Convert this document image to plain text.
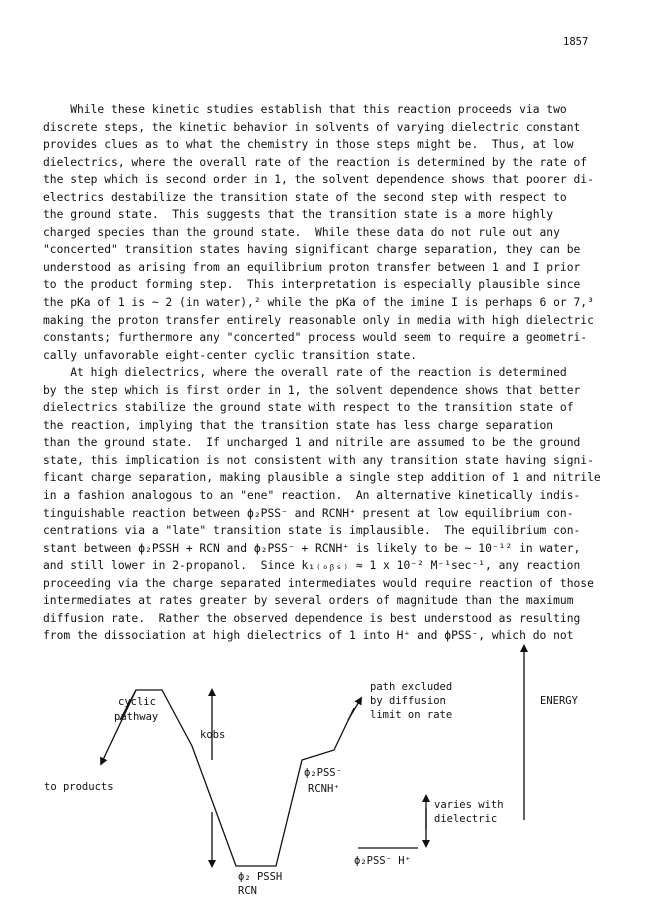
1857
While these kinetic studies establish that this reaction proceeds via two
discrete steps, the kinetic behavior in solvents of varying dielectric constant
provides clues as to what the chemistry in those steps might be.  Thus, at low
dielectrics, where the overall rate of the reaction is determined by the rate of
the step which is second order in 1, the solvent dependence shows that poorer di-
electrics destabilize the transition state of the second step with respect to
the ground state.  This suggests that the transition state is a more highly
charged species than the ground state.  While these data do not rule out any
"concerted" transition states having significant charge separation, they can be
understood as arising from an equilibrium proton transfer between 1 and I prior
to the product forming step.  This interpretation is especially plausible since
the pKa of 1 is ~ 2 (in water),² while the pKa of the imine I is perhaps 6 or 7,³
making the proton transfer entirely reasonable only in media with high dielectric
constants; furthermore any "concerted" process would seem to require a geometri-
cally unfavorable eight-center cyclic transition state.
At high dielectrics, where the overall rate of the reaction is determined
by the step which is first order in 1, the solvent dependence shows that better
dielectrics stabilize the ground state with respect to the transition state of
the reaction, implying that the transition state has less charge separation
than the ground state.  If uncharged 1 and nitrile are assumed to be the ground
state, this implication is not consistent with any transition state having signi-
ficant charge separation, making plausible a single step addition of 1 and nitrile
in a fashion analogous to an "ene" reaction.  An alternative kinetically indis-
tinguishable reaction between ϕ₂PSS⁻ and RCNH⁺ present at low equilibrium con-
centrations via a "late" transition state is implausible.  The equilibrium con-
stant between ϕ₂PSSH + RCN and ϕ₂PSS⁻ + RCNH⁺ is likely to be ~ 10⁻¹² in water,
and still lower in 2-propanol.  Since k₁₍ₒᵦₛ₎ ≈ 1 x 10⁻² M⁻¹sec⁻¹, any reaction
proceeding via the charge separated intermediates would require reaction of those
intermediates at rates greater by several orders of magnitude than the maximum
diffusion rate.  Rather the observed dependence is best understood as resulting
from the dissociation at high dielectrics of 1 into H⁺ and ϕPSS⁻, which do not
cyclic
pathway
to products
kobs
path excluded
by diffusion
limit on rate
ϕ₂PSS⁻
RCNH⁺
ϕ₂ PSSH
RCN
ENERGY
varies with
dielectric
ϕ₂PSS⁻ H⁺
